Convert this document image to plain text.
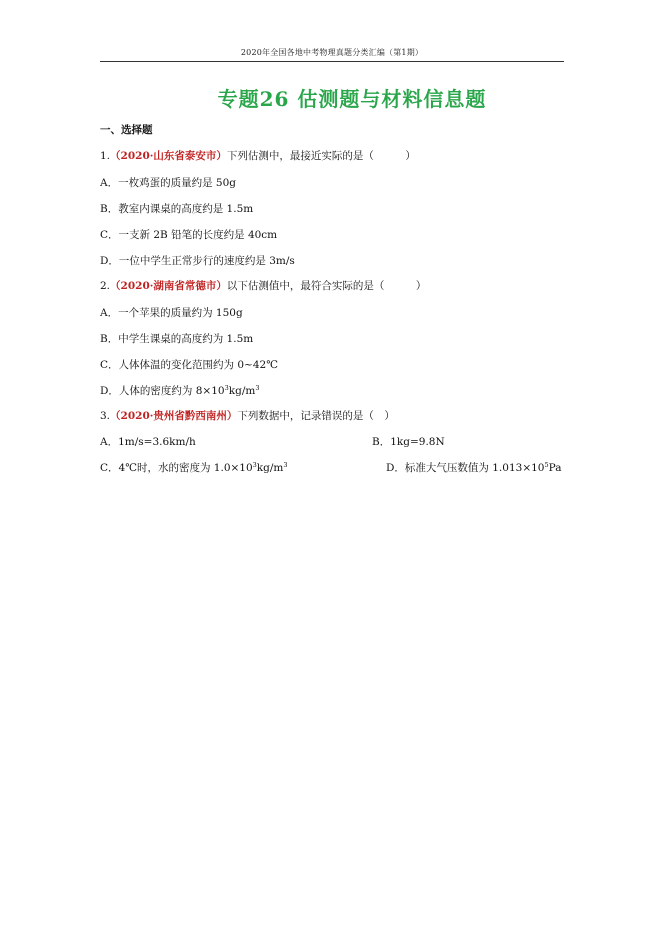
2020年全国各地中考物理真题分类汇编（第1期）
专题26 估测题与材料信息题
一、选择题
1.（2020·山东省泰安市）下列估测中，最接近实际的是（　　　）
A．一枚鸡蛋的质量约是 50g
B．教室内课桌的高度约是 1.5m
C．一支新 2B 铅笔的长度约是 40cm
D．一位中学生正常步行的速度约是 3m/s
2.（2020·湖南省常德市）以下估测值中，最符合实际的是（　　　）
A．一个苹果的质量约为 150g
B．中学生课桌的高度约为 1.5m
C．人体体温的变化范围约为 0~42℃
D．人体的密度约为 $8\times 10^3kg/m^3$
3.（2020·贵州省黔西南州）下列数据中，记录错误的是（　）
A．1m/s=3.6km/h	B．1kg=9.8N
C．4℃时，水的密度为 $1.0\times 10^3kg/m^3$	D．标准大气压数值为 $1.013\times 10^5Pa$
